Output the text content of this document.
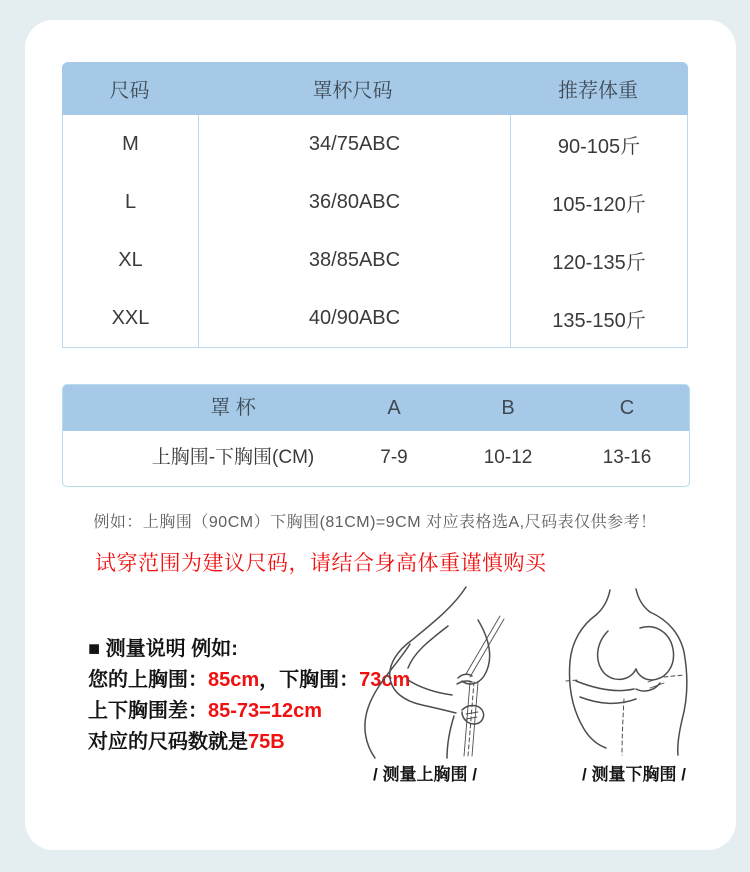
尺码	罩杯尺码	推荐体重
M	34/75ABC	90-105斤
L	36/80ABC	105-120斤
XL	38/85ABC	120-135斤
XXL	40/90ABC	135-150斤
罩 杯	A	B	C
上胸围-下胸围(CM)	7-9	10-12	13-16
例如：上胸围（90CM）下胸围(81CM)=9CM 对应表格选A,尺码表仅供参考！
试穿范围为建议尺码，请结合身高体重谨慎购买
■ 测量说明 例如:
您的上胸围：85cm，下胸围：73cm
上下胸围差：85-73=12cm
对应的尺码数就是75B
/ 测量上胸围 /	/ 测量下胸围 /
